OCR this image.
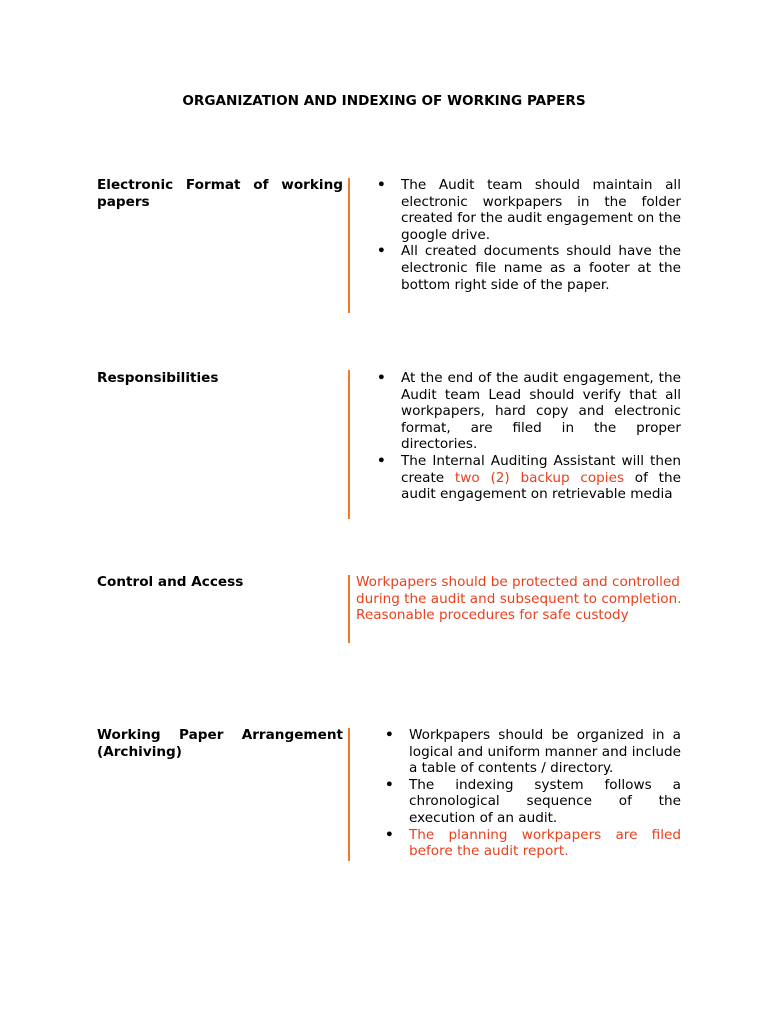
ORGANIZATION AND INDEXING OF WORKING PAPERS
Electronic Format of working papers
• The Audit team should maintain all electronic workpapers in the folder created for the audit engagement on the google drive.
• All created documents should have the electronic file name as a footer at the bottom right side of the paper.
Responsibilities	• At the end of the audit engagement, the Audit team Lead should verify that all workpapers, hard copy and electronic format, are filed in the proper directories.
• The Internal Auditing Assistant will then create two (2) backup copies of the audit engagement on retrievable media
Control and Access	Workpapers should be protected and controlled during the audit and subsequent to completion. Reasonable procedures for safe custody
Working Paper Arrangement (Archiving)
• Workpapers should be organized in a logical and uniform manner and include a table of contents / directory.
• The indexing system follows a chronological sequence of the execution of an audit.
• The planning workpapers are filed before the audit report.
